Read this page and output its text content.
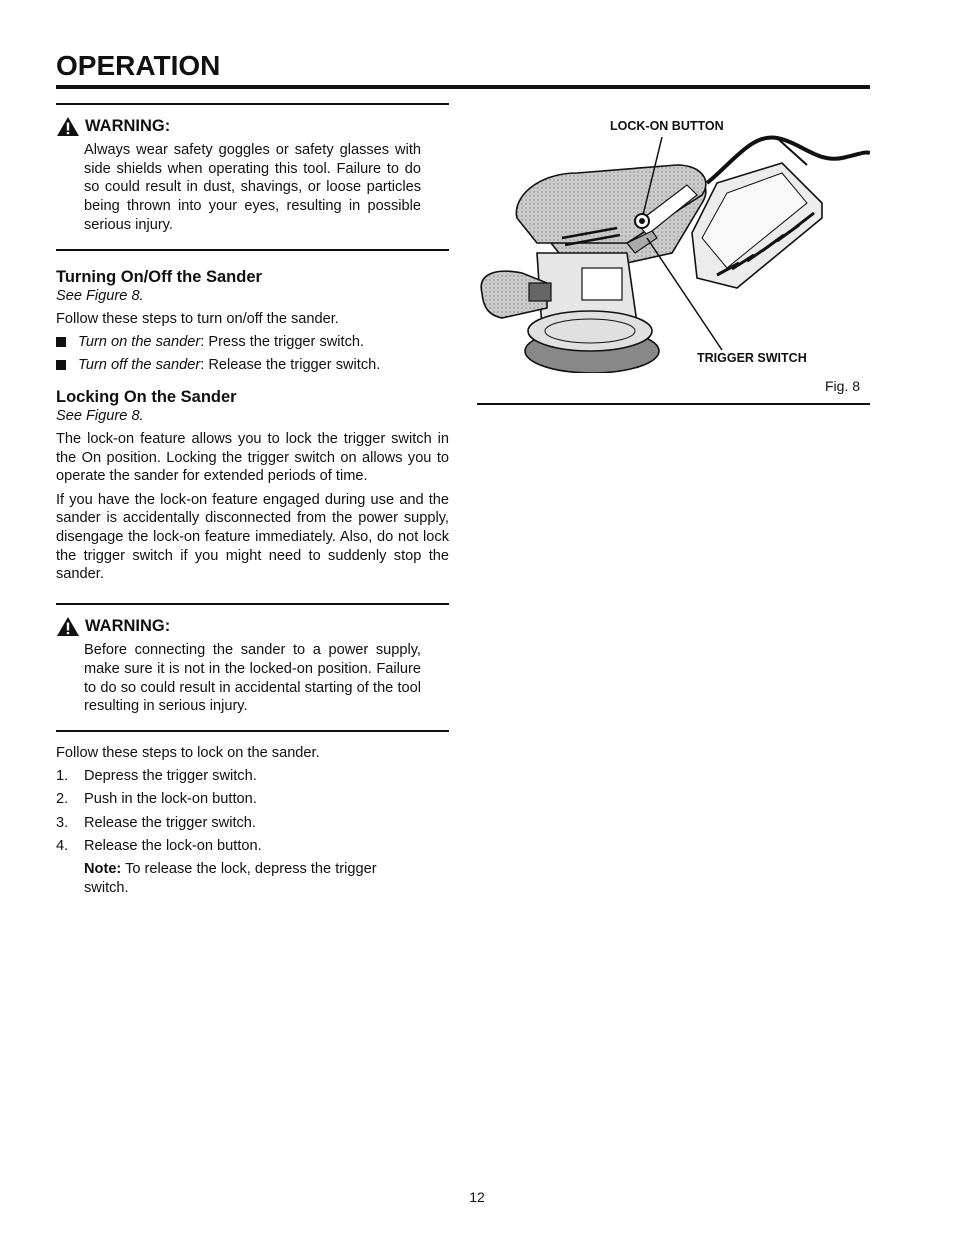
OPERATION
WARNING:

Always wear safety goggles or safety glasses with side shields when operating this tool. Failure to do so could result in dust, shavings, or loose particles being thrown into your eyes, resulting in possible serious injury.

Turning On/Off the Sander

See Figure 8.

Follow these steps to turn on/off the sander.

Turn on the sander: Press the trigger switch.
Turn off the sander: Release the trigger switch.
Locking On the Sander

See Figure 8.

The lock-on feature allows you to lock the trigger switch in the On position. Locking the trigger switch on allows you to operate the sander for extended periods of time.

If you have the lock-on feature engaged during use and the sander is accidentally disconnected from the power supply, disengage the lock-on feature immediately. Also, do not lock the trigger switch if you might need to suddenly stop the sander.

WARNING:

Before connecting the sander to a power supply, make sure it is not in the locked-on position. Failure to do so could result in accidental starting of the tool resulting in serious injury.

Follow these steps to lock on the sander.

1.	Depress the trigger switch.
2.	Push in the lock-on button.
3.	Release the trigger switch.
4.	Release the lock-on button.

Note: To release the lock, depress the trigger switch.

LOCK-ON BUTTON
TRIGGER SWITCH
Fig. 8
12
